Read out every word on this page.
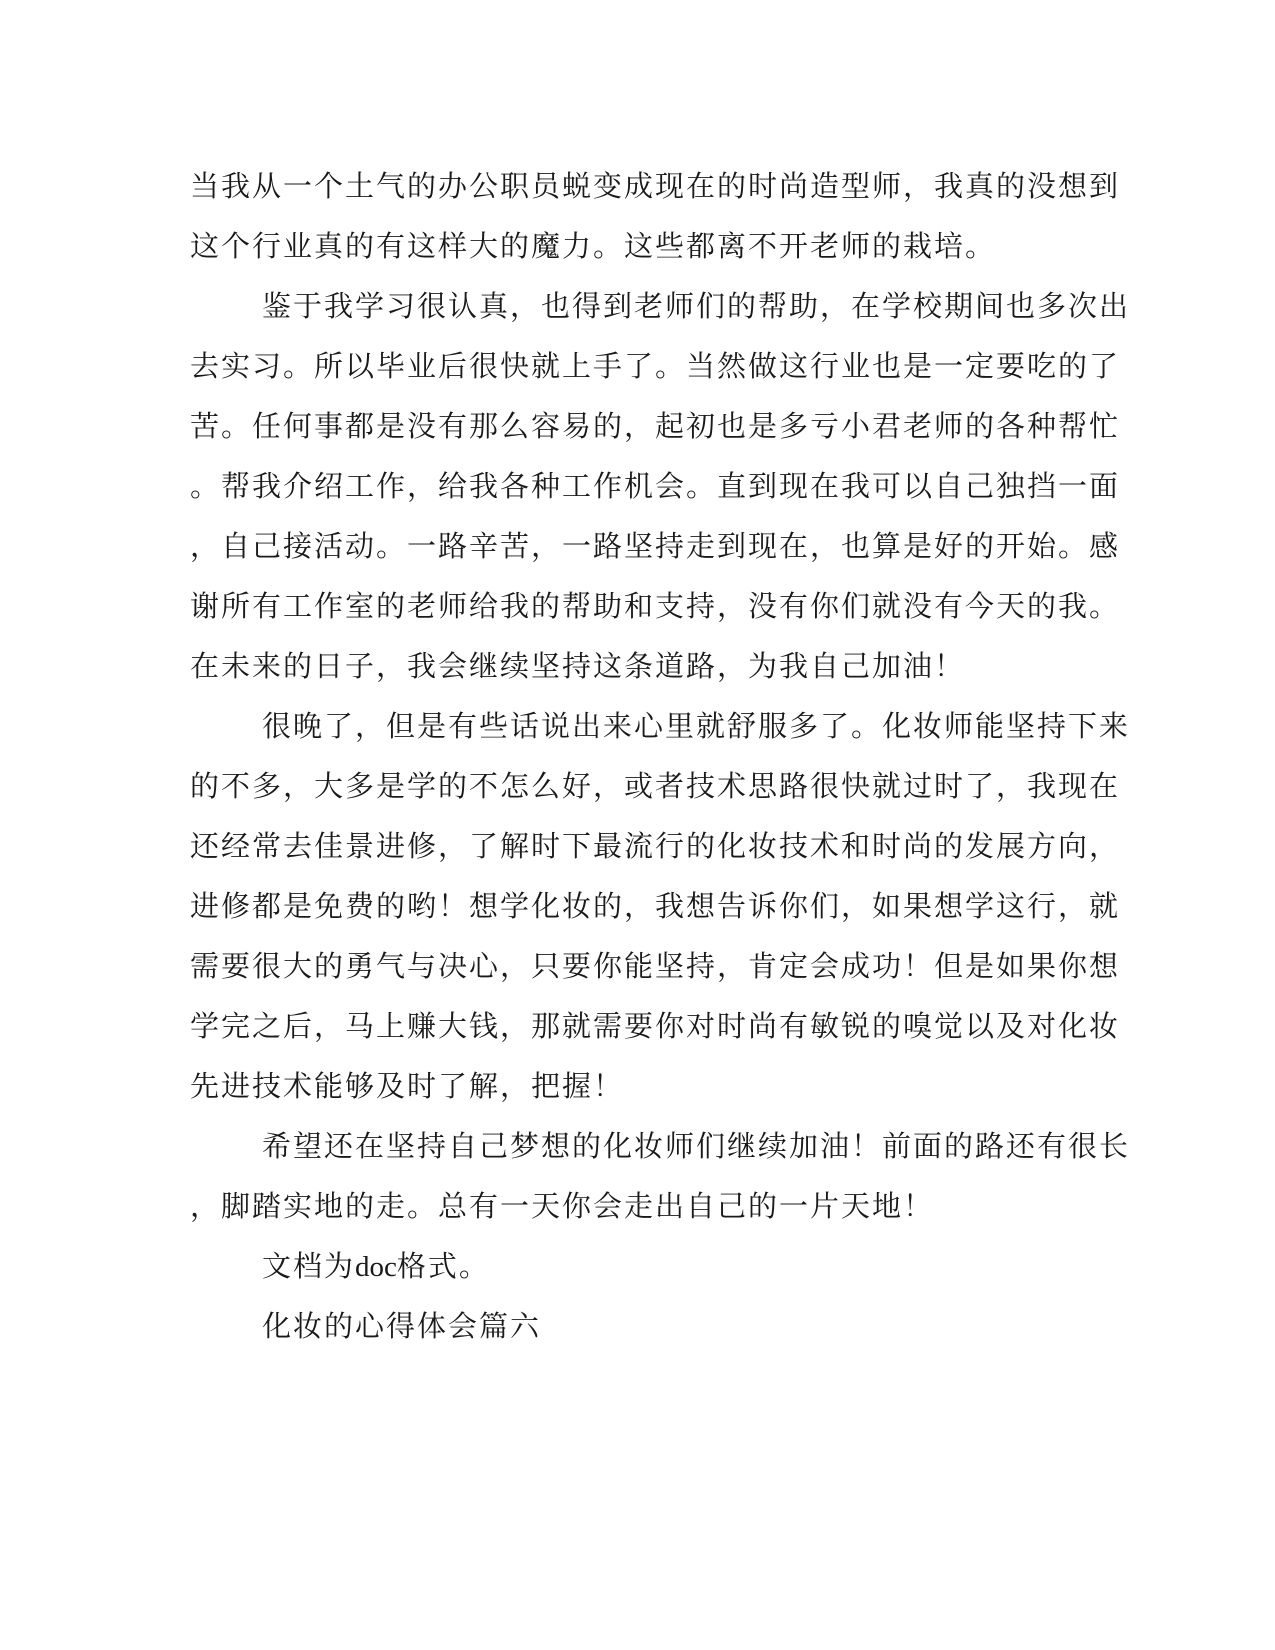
当我从一个土气的办公职员蜕变成现在的时尚造型师，我真的没想到
这个行业真的有这样大的魔力。这些都离不开老师的栽培。
鉴于我学习很认真，也得到老师们的帮助，在学校期间也多次出
去实习。所以毕业后很快就上手了。当然做这行业也是一定要吃的了
苦。任何事都是没有那么容易的，起初也是多亏小君老师的各种帮忙
。帮我介绍工作，给我各种工作机会。直到现在我可以自己独挡一面
，自己接活动。一路辛苦，一路坚持走到现在，也算是好的开始。感
谢所有工作室的老师给我的帮助和支持，没有你们就没有今天的我。
在未来的日子，我会继续坚持这条道路，为我自己加油！
很晚了，但是有些话说出来心里就舒服多了。化妆师能坚持下来
的不多，大多是学的不怎么好，或者技术思路很快就过时了，我现在
还经常去佳景进修，了解时下最流行的化妆技术和时尚的发展方向，
进修都是免费的哟！想学化妆的，我想告诉你们，如果想学这行，就
需要很大的勇气与决心，只要你能坚持，肯定会成功！但是如果你想
学完之后，马上赚大钱，那就需要你对时尚有敏锐的嗅觉以及对化妆
先进技术能够及时了解，把握！
希望还在坚持自己梦想的化妆师们继续加油！前面的路还有很长
，脚踏实地的走。总有一天你会走出自己的一片天地！
文档为doc格式。
化妆的心得体会篇六
